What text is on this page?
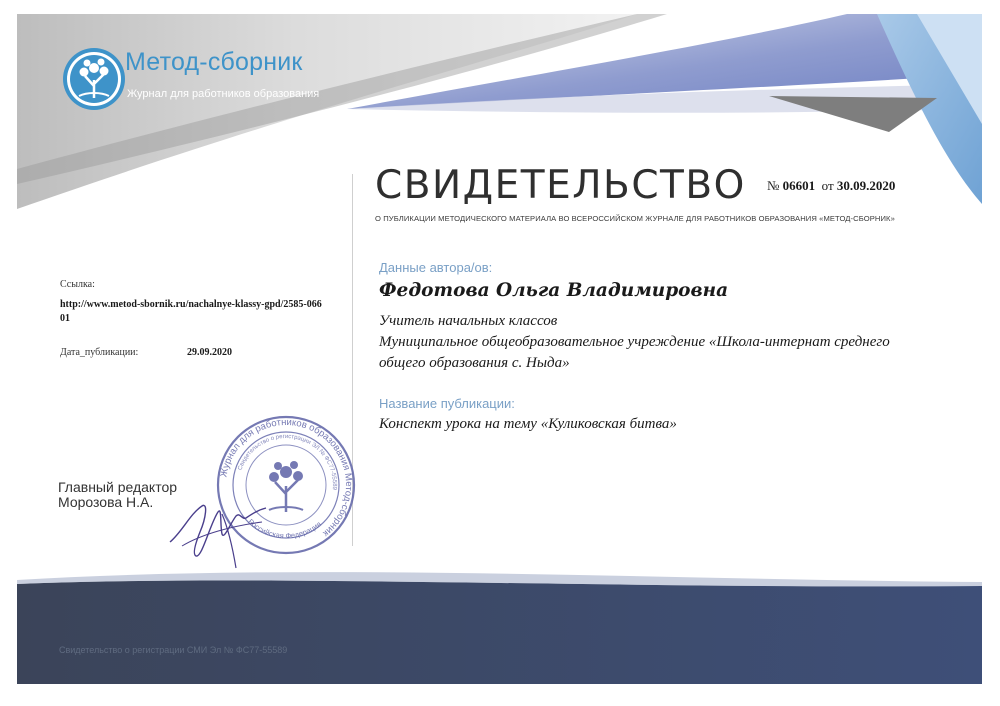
Метод-сборник
Журнал для работников образования
СВИДЕТЕЛЬСТВО № 06601 от 30.09.2020
О ПУБЛИКАЦИИ МЕТОДИЧЕСКОГО МАТЕРИАЛА ВО ВСЕРОССИЙСКОМ ЖУРНАЛЕ ДЛЯ РАБОТНИКОВ ОБРАЗОВАНИЯ «МЕТОД-СБОРНИК»
Ссылка:
http://www.metod-sbornik.ru/nachalnye-klassy-gpd/2585-06601
Дата_публикации:	29.09.2020
Данные автора/ов:
Федотова Ольга Владимировна
Учитель начальных классов
Муниципальное общеобразовательное учреждение «Школа-интернат среднего общего образования с. Ныда»
Название публикации:
Конспект урока на тему «Куликовская битва»
Главный редактор
Морозова Н.А.
Журнал для работников образования Метод-сборник
Свидетельство о регистрации ЭЛ № ФС77-55589
Российская Федерация
Свидетельство о регистрации СМИ Эл № ФС77-55589
